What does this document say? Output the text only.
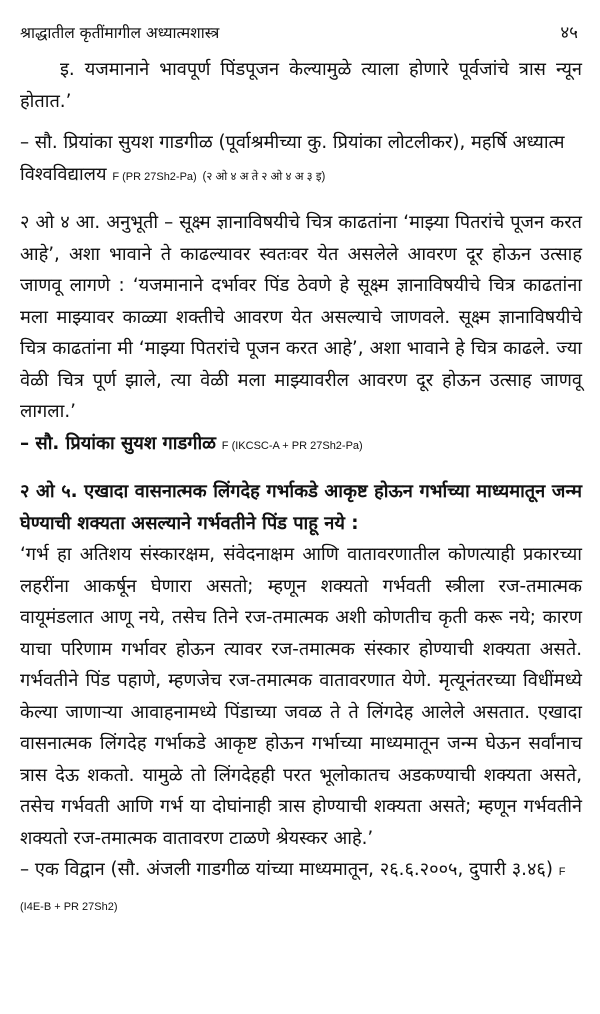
श्राद्धातील कृतींमागील अध्यात्मशास्त्र	४५

इ. यजमानाने भावपूर्ण पिंडपूजन केल्यामुळे त्याला होणारे पूर्वजांचे त्रास न्यून होतात.’

– सौ. प्रियांका सुयश गाडगीळ (पूर्वाश्रमीच्या कु. प्रियांका लोटलीकर), महर्षि अध्यात्म विश्वविद्यालय F (PR 27Sh2-Pa) (२ ओ ४ अ ते २ ओ ४ अ ३ इ)

२ ओ ४ आ. अनुभूती – सूक्ष्म ज्ञानाविषयीचे चित्र काढतांना ‘माझ्या पितरांचे पूजन करत आहे’, अशा भावाने ते काढल्यावर स्वतःवर येत असलेले आवरण दूर होऊन उत्साह जाणवू लागणे : ‘यजमानाने दर्भावर पिंड ठेवणे हे सूक्ष्म ज्ञानाविषयीचे चित्र काढतांना मला माझ्यावर काळ्या शक्तीचे आवरण येत असल्याचे जाणवले. सूक्ष्म ज्ञानाविषयीचे चित्र काढतांना मी ‘माझ्या पितरांचे पूजन करत आहे’, अशा भावाने हे चित्र काढले. ज्या वेळी चित्र पूर्ण झाले, त्या वेळी मला माझ्यावरील आवरण दूर होऊन उत्साह जाणवू लागला.’

– सौ. प्रियांका सुयश गाडगीळ F (IKCSC-A + PR 27Sh2-Pa)

२ ओ ५. एखादा वासनात्मक लिंगदेह गर्भाकडे आकृष्ट होऊन गर्भाच्या माध्यमातून जन्म घेण्याची शक्यता असल्याने गर्भवतीने पिंड पाहू नये :

‘गर्भ हा अतिशय संस्कारक्षम, संवेदनाक्षम आणि वातावरणातील कोणत्याही प्रकारच्या लहरींना आकर्षून घेणारा असतो; म्हणून शक्यतो गर्भवती स्त्रीला रज-तमात्मक वायूमंडलात आणू नये, तसेच तिने रज-तमात्मक अशी कोणतीच कृती करू नये; कारण याचा परिणाम गर्भावर होऊन त्यावर रज-तमात्मक संस्कार होण्याची शक्यता असते. गर्भवतीने पिंड पहाणे, म्हणजेच रज-तमात्मक वातावरणात येणे. मृत्यूनंतरच्या विधींमध्ये केल्या जाणाऱ्या आवाहनामध्ये पिंडाच्या जवळ ते ते लिंगदेह आलेले असतात. एखादा वासनात्मक लिंगदेह गर्भाकडे आकृष्ट होऊन गर्भाच्या माध्यमातून जन्म घेऊन सर्वांनाच त्रास देऊ शकतो. यामुळे तो लिंगदेहही परत भूलोकातच अडकण्याची शक्यता असते, तसेच गर्भवती आणि गर्भ या दोघांनाही त्रास होण्याची शक्यता असते; म्हणून गर्भवतीने शक्यतो रज-तमात्मक वातावरण टाळणे श्रेयस्कर आहे.’

– एक विद्वान (सौ. अंजली गाडगीळ यांच्या माध्यमातून, २६.६.२००५, दुपारी ३.४६) F (I4E-B + PR 27Sh2)
